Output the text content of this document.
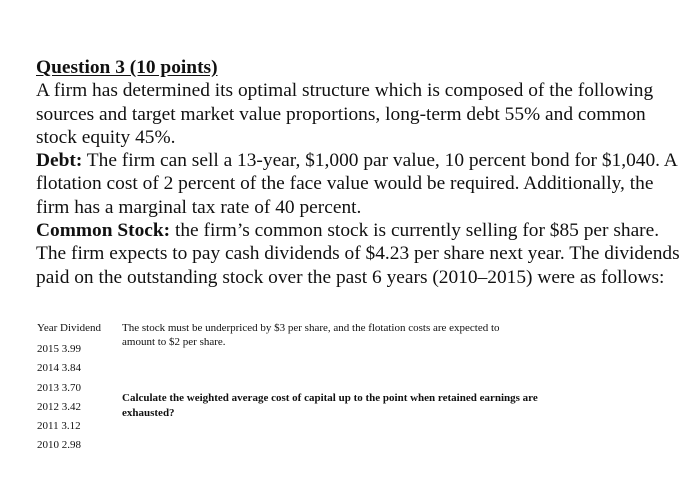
Question 3 (10 points)

A firm has determined its optimal structure which is composed of the following sources and target market value proportions, long-term debt 55% and common stock equity 45%.

Debt: The firm can sell a 13-year, $1,000 par value, 10 percent bond for $1,040. A flotation cost of 2 percent of the face value would be required. Additionally, the firm has a marginal tax rate of 40 percent.

Common Stock: the firm’s common stock is currently selling for $85 per share. The firm expects to pay cash dividends of $4.23 per share next year. The dividends paid on the outstanding stock over the past 6 years (2010–2015) were as follows:

Year Dividend
2015 3.99
2014 3.84
2013 3.70
2012 3.42
2011 3.12
2010 2.98
The stock must be underpriced by $3 per share, and the flotation costs are expected to
amount to $2 per share.
Calculate the weighted average cost of capital up to the point when retained earnings are exhausted?
